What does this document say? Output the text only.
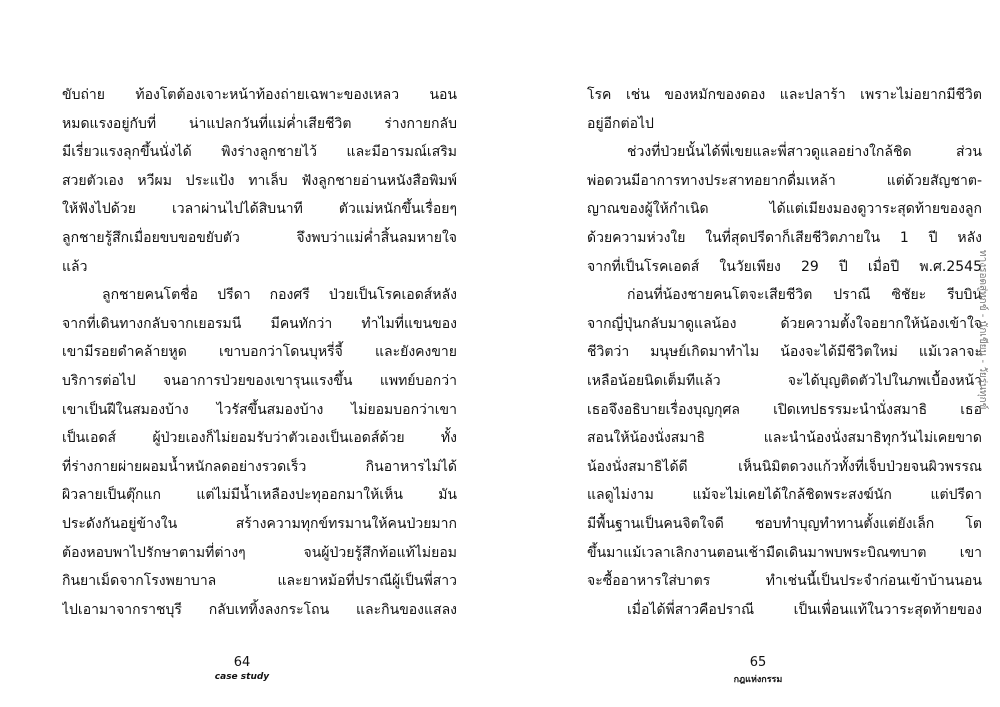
ขับถ่าย ท้องโตต้องเจาะหน้าท้องถ่ายเฉพาะของเหลว นอน
หมดแรงอยู่กับที่ น่าแปลกวันที่แม่ค่ำเสียชีวิต ร่างกายกลับ
มีเรี่ยวแรงลุกขึ้นนั่งได้ พิงร่างลูกชายไว้ และมีอารมณ์เสริม
สวยตัวเอง หวีผม ประแป้ง ทาเล็บ ฟังลูกชายอ่านหนังสือพิมพ์
ให้ฟังไปด้วย เวลาผ่านไปได้สิบนาที ตัวแม่หนักขึ้นเรื่อยๆ
ลูกชายรู้สึกเมื่อยขบขอขยับตัว จึงพบว่าแม่ค่ำสิ้นลมหายใจ
แล้ว
ลูกชายคนโตชื่อ ปรีดา กองศรี ป่วยเป็นโรคเอดส์หลัง
จากที่เดินทางกลับจากเยอรมนี มีคนทักว่า ทำไมที่แขนของ
เขามีรอยดำคล้ายหูด เขาบอกว่าโดนบุหรี่จี้ และยังคงขาย
บริการต่อไป จนอาการป่วยของเขารุนแรงขึ้น แพทย์บอกว่า
เขาเป็นฝีในสมองบ้าง ไวรัสขึ้นสมองบ้าง ไม่ยอมบอกว่าเขา
เป็นเอดส์ ผู้ป่วยเองก็ไม่ยอมรับว่าตัวเองเป็นเอดส์ด้วย ทั้ง
ที่ร่างกายผ่ายผอมน้ำหนักลดอย่างรวดเร็ว กินอาหารไม่ได้
ผิวลายเป็นตุ๊กแก แต่ไม่มีน้ำเหลืองปะทุออกมาให้เห็น มัน
ประดังกันอยู่ข้างใน สร้างความทุกข์ทรมานให้คนป่วยมาก
ต้องหอบพาไปรักษาตามที่ต่างๆ จนผู้ป่วยรู้สึกท้อแท้ไม่ยอม
กินยาเม็ดจากโรงพยาบาล และยาหม้อที่ปราณีผู้เป็นพี่สาว
ไปเอามาจากราชบุรี กลับเททิ้งลงกระโถน และกินของแสลง
64
case study
โรค เช่น ของหมักของดอง และปลาร้า เพราะไม่อยากมีชีวิต
อยู่อีกต่อไป
ช่วงที่ป่วยนั้นได้พี่เขยและพี่สาวดูแลอย่างใกล้ชิด ส่วน
พ่อดวนมีอาการทางประสาทอยากดื่มเหล้า แต่ด้วยสัญชาต-
ญาณของผู้ให้กำเนิด ได้แต่เมียงมองดูวาระสุดท้ายของลูก
ด้วยความห่วงใย ในที่สุดปรีดาก็เสียชีวิตภายใน 1 ปี หลัง
จากที่เป็นโรคเอดส์ ในวัยเพียง 29 ปี เมื่อปี พ.ศ.2545
ก่อนที่น้องชายคนโตจะเสียชีวิต ปราณี ซิชัยะ รีบบิน
จากญี่ปุ่นกลับมาดูแลน้อง ด้วยความตั้งใจอยากให้น้องเข้าใจ
ชีวิตว่า มนุษย์เกิดมาทำไม น้องจะได้มีชีวิตใหม่ แม้เวลาจะ
เหลือน้อยนิดเต็มทีแล้ว จะได้บุญติดตัวไปในภพเบื้องหน้า
เธอจึงอธิบายเรื่องบุญกุศล เปิดเทปธรรมะนำนั่งสมาธิ เธอ
สอนให้น้องนั่งสมาธิ และนำน้องนั่งสมาธิทุกวันไม่เคยขาด
น้องนั่งสมาธิได้ดี เห็นนิมิตดวงแก้วทั้งที่เจ็บป่วยจนผิวพรรณ
แลดูไม่งาม แม้จะไม่เคยได้ใกล้ชิดพระสงฆ์นัก แต่ปรีดา
มีพื้นฐานเป็นคนจิตใจดี ชอบทำบุญทำทานตั้งแต่ยังเล็ก โต
ขึ้นมาแม้เวลาเลิกงานตอนเช้ามืดเดินมาพบพระบิณฑบาต เขา
จะซื้ออาหารใส่บาตร ทำเช่นนี้เป็นประจำก่อนเข้าบ้านนอน
เมื่อได้พี่สาวคือปราณี เป็นเพื่อนแท้ในวาระสุดท้ายของ
65
กฎแห่งกรรม
ทางรอดสู่ทุกข์ - นักเขียน - วัยรุ่นทุกข์
